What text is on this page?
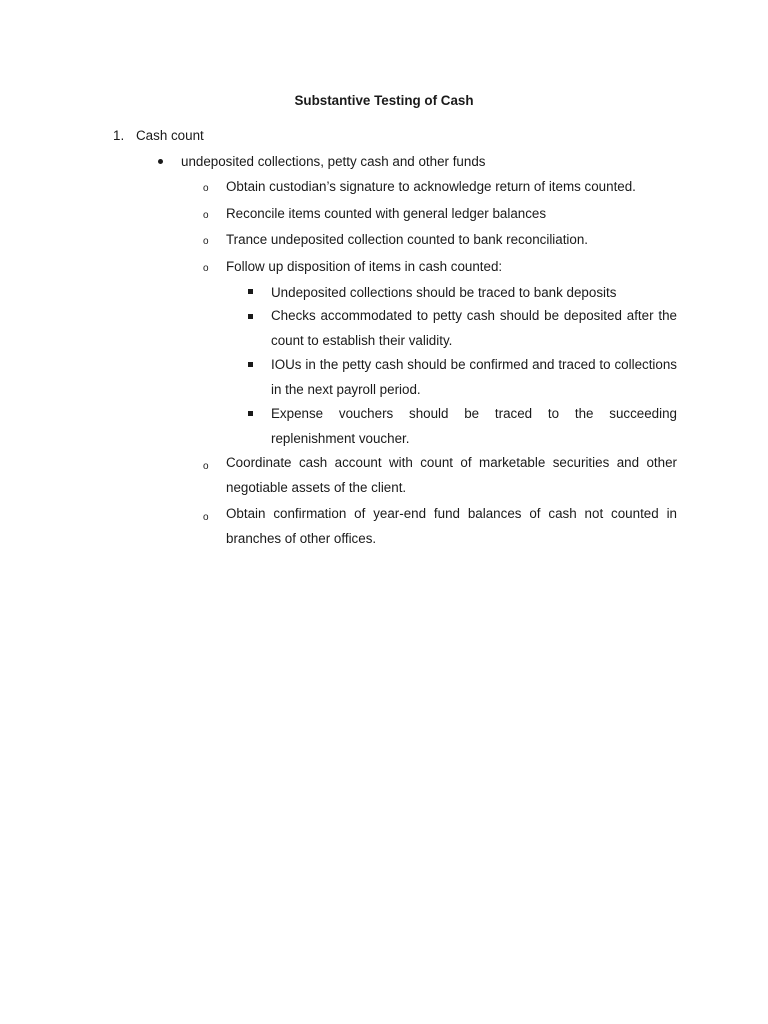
Substantive Testing of Cash
1. Cash count
undeposited collections, petty cash and other funds
o Obtain custodian’s signature to acknowledge return of items counted.
o Reconcile items counted with general ledger balances
o Trance undeposited collection counted to bank reconciliation.
o Follow up disposition of items in cash counted:
Undeposited collections should be traced to bank deposits
Checks accommodated to petty cash should be deposited after the count to establish their validity.
IOUs in the petty cash should be confirmed and traced to collections in the next payroll period.
Expense vouchers should be traced to the succeeding replenishment voucher.
o Coordinate cash account with count of marketable securities and other negotiable assets of the client.
o Obtain confirmation of year-end fund balances of cash not counted in branches of other offices.
